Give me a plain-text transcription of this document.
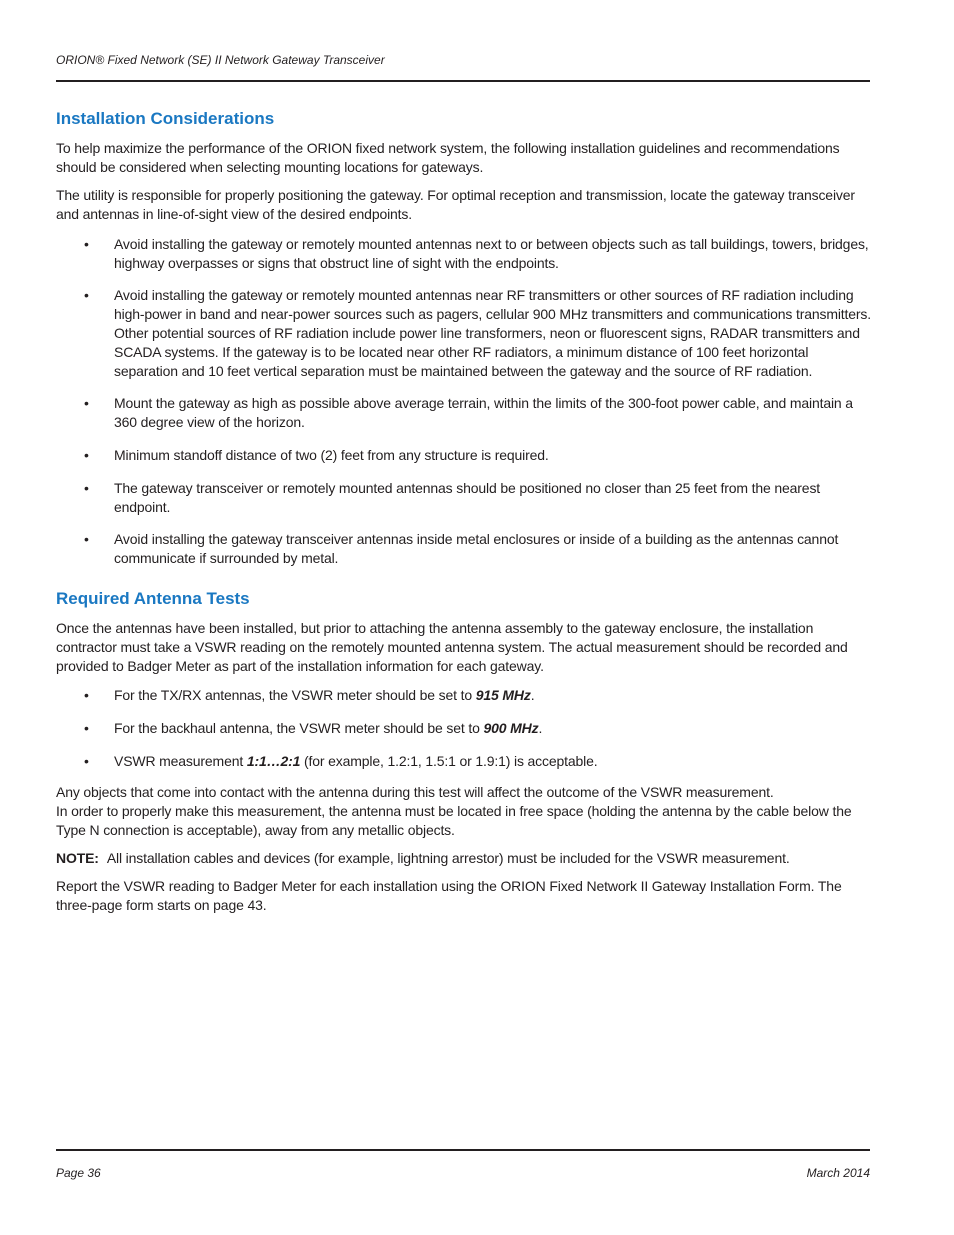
ORION® Fixed Network (SE) II Network Gateway Transceiver
Installation Considerations

To help maximize the performance of the ORION fixed network system, the following installation guidelines and recommendations should be considered when selecting mounting locations for gateways.

The utility is responsible for properly positioning the gateway. For optimal reception and transmission, locate the gateway transceiver and antennas in line-of-sight view of the desired endpoints.

• Avoid installing the gateway or remotely mounted antennas next to or between objects such as tall buildings, towers, bridges, highway overpasses or signs that obstruct line of sight with the endpoints.
• Avoid installing the gateway or remotely mounted antennas near RF transmitters or other sources of RF radiation including high-power in band and near-power sources such as pagers, cellular 900 MHz transmitters and communications transmitters. Other potential sources of RF radiation include power line transformers, neon or fluorescent signs, RADAR transmitters and SCADA systems. If the gateway is to be located near other RF radiators, a minimum distance of 100 feet horizontal separation and 10 feet vertical separation must be maintained between the gateway and the source of RF radiation.
• Mount the gateway as high as possible above average terrain, within the limits of the 300-foot power cable, and maintain a 360 degree view of the horizon.
• Minimum standoff distance of two (2) feet from any structure is required.
• The gateway transceiver or remotely mounted antennas should be positioned no closer than 25 feet from the nearest endpoint.
• Avoid installing the gateway transceiver antennas inside metal enclosures or inside of a building as the antennas cannot communicate if surrounded by metal.
Required Antenna Tests

Once the antennas have been installed, but prior to attaching the antenna assembly to the gateway enclosure, the installation contractor must take a VSWR reading on the remotely mounted antenna system. The actual measurement should be recorded and provided to Badger Meter as part of the installation information for each gateway.

• For the TX/RX antennas, the VSWR meter should be set to 915 MHz.
• For the backhaul antenna, the VSWR meter should be set to 900 MHz.
• VSWR measurement 1:1…2:1 (for example, 1.2:1, 1.5:1 or 1.9:1) is acceptable.

Any objects that come into contact with the antenna during this test will affect the outcome of the VSWR measurement.
In order to properly make this measurement, the antenna must be located in free space (holding the antenna by the cable below the Type N connection is acceptable), away from any metallic objects.

NOTE: All installation cables and devices (for example, lightning arrestor) must be included for the VSWR measurement.

Report the VSWR reading to Badger Meter for each installation using the ORION Fixed Network II Gateway Installation Form. The three-page form starts on page 43.

Page 36	March 2014
